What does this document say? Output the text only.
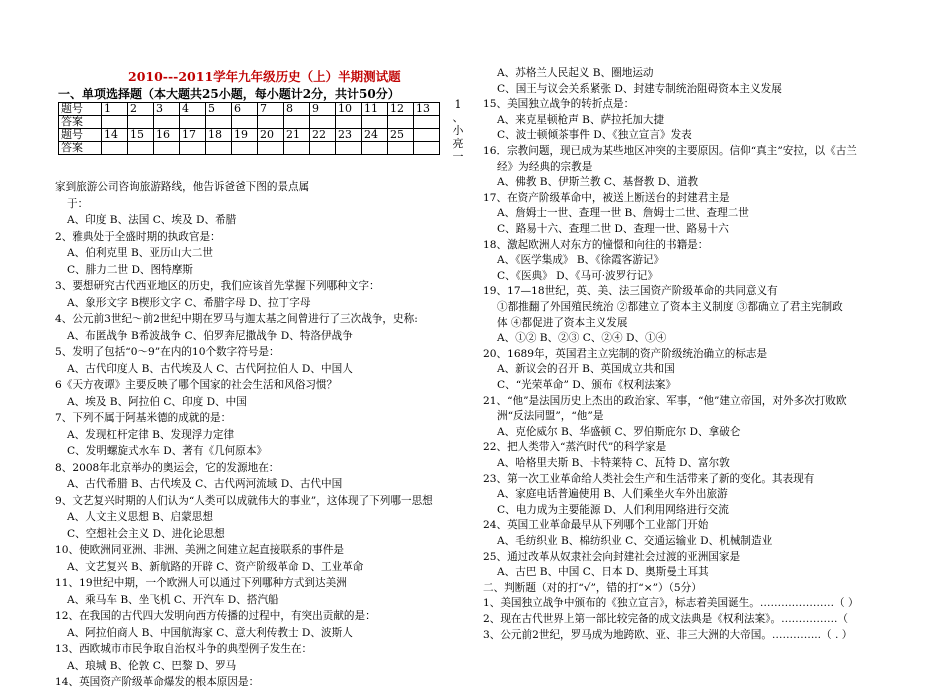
2010---2011学年九年级历史（上）半期测试题
一、单项选择题（本大题共25小题，每小题计2分，共计50分）
题号	1	2	3	4	5	6	7	8	9	10	11	12	13
答案													
题号	14	15	16	17	18	19	20	21	22	23	24	25	
答案													
1
、
小
亮
一
家到旅游公司咨询旅游路线，他告诉爸爸下图的景点属
于：
A、印度 B、法国 C、埃及 D、希腊
2、雅典处于全盛时期的执政官是：
A、伯利克里 B、亚历山大二世
C、腓力二世 D、图特摩斯
3、要想研究古代西亚地区的历史，我们应该首先掌握下列哪种文字：
A、象形文字 B楔形文字 C、希腊字母 D、拉丁字母
4、公元前3世纪～前2世纪中期在罗马与迦太基之间曾进行了三次战争，史称:
A、布匿战争 B希波战争 C、伯罗奔尼撒战争 D、特洛伊战争
5、发明了包括“0～9”在内的10个数字符号是：
A、古代印度人 B、古代埃及人 C、古代阿拉伯人 D、中国人
6《天方夜谭》主要反映了哪个国家的社会生活和风俗习惯？
A、埃及 B、阿拉伯 C、印度 D、中国
7、下列不属于阿基米德的成就的是：
A、发现杠杆定律 B、发现浮力定律
C、发明螺旋式水车 D、著有《几何原本》
8、2008年北京举办的奥运会，它的发源地在：
A、古代希腊 B、古代埃及 C、古代两河流域 D、古代中国
9、文艺复兴时期的人们认为“人类可以成就伟大的事业”，这体现了下列哪一思想
A、人文主义思想 B、启蒙思想
C、空想社会主义 D、进化论思想
10、使欧洲同亚洲、非洲、美洲之间建立起直接联系的事件是
A、文艺复兴 B、新航路的开辟 C、资产阶级革命 D、工业革命
11、19世纪中期，一个欧洲人可以通过下列哪种方式到达美洲
A、乘马车 B、坐飞机 C、开汽车 D、搭汽船
12、在我国的古代四大发明向西方传播的过程中，有突出贡献的是：
A、阿拉伯商人 B、中国航海家 C、意大利传教士 D、波斯人
13、西欧城市市民争取自治权斗争的典型例子发生在：
A、琅城 B、伦敦 C、巴黎 D、罗马
14、英国资产阶级革命爆发的根本原因是：
A、苏格兰人民起义 B、圈地运动
C、国王与议会关系紧张 D、封建专制统治阻碍资本主义发展
15、美国独立战争的转折点是：
A、来克星顿枪声 B、萨拉托加大捷
C、波士顿倾茶事件 D、《独立宣言》发表
16．宗教问题，现已成为某些地区冲突的主要原因。信仰“真主”安拉，以《古兰
经》为经典的宗教是
A、佛教 B、伊斯兰教 C、基督教 D、道教
17、在资产阶级革命中，被送上断送台的封建君主是
A、詹姆士一世、查理一世 B、詹姆士二世、查理二世
C、路易十六、查理二世 D、查理一世、路易十六
18、激起欧洲人对东方的憧憬和向往的书籍是：
A、《医学集成》 B、《徐霞客游记》
C、《医典》 D、《马可·波罗行记》
19、17—18世纪，英、美、法三国资产阶级革命的共同意义有
①都推翻了外国殖民统治 ②都建立了资本主义制度 ③都确立了君主宪制政
体 ④都促进了资本主义发展
A、①② B、②③ C、②④ D、①④
20、1689年，英国君主立宪制的资产阶级统治确立的标志是
A、新议会的召开 B、英国成立共和国
C、“光荣革命” D、颁布《权利法案》
21、“他”是法国历史上杰出的政治家、军事，“他”建立帝国，对外多次打败欧
洲“反法同盟”，“他”是
A、克伦威尔 B、华盛顿 C、罗伯斯庇尔 D、拿破仑
22、把人类带入“蒸汽时代”的科学家是
A、哈格里夫斯 B、卡特莱特 C、瓦特 D、富尔敦
23、第一次工业革命给人类社会生产和生活带来了新的变化。其表现有
A、家庭电话普遍使用 B、人们乘坐火车外出旅游
C、电力成为主要能源 D、人们利用网络进行交流
24、英国工业革命最早从下列哪个工业部门开始
A、毛纺织业 B、棉纺织业 C、交通运输业 D、机械制造业
25、通过改革从奴隶社会向封建社会过渡的亚洲国家是
A、古巴 B、中国 C、日本 D、奥斯曼土耳其
二、判断题（对的打“√”，错的打“×”）（5分）
1、美国独立战争中颁布的《独立宣言》，标志着美国诞生。…………………（ ）
2、现在古代世界上第一部比较完备的成文法典是《权利法案》。…………….（
3、公元前2世纪，罗马成为地跨欧、亚、非三大洲的大帝国。…………..（ . ）
